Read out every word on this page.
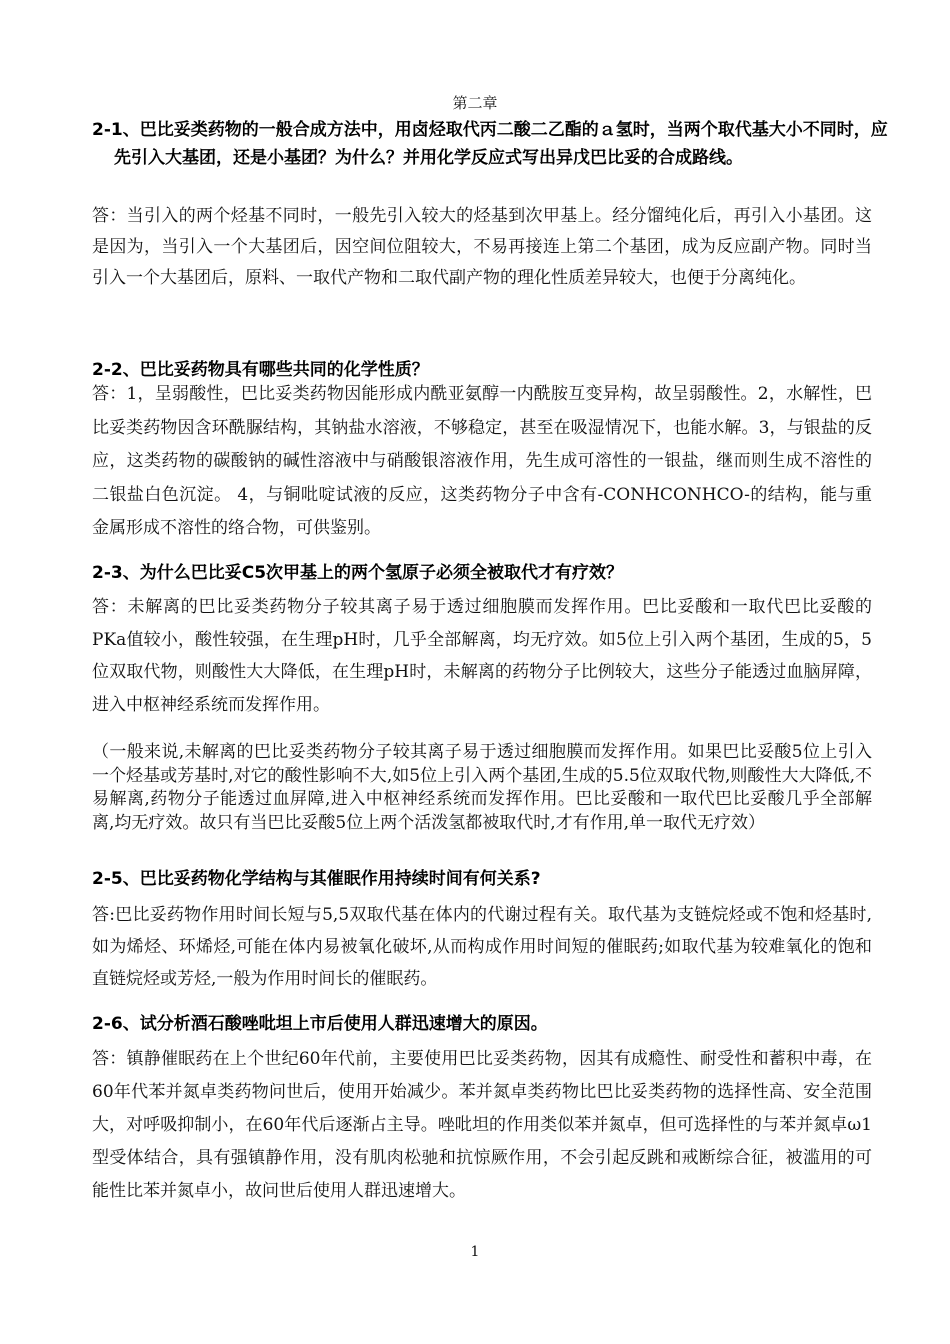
第二章
2-1、巴比妥类药物的一般合成方法中，用卤烃取代丙二酸二乙酯的ａ氢时，当两个取代基大小不同时，应先引入大基团，还是小基团？为什么？并用化学反应式写出异戊巴比妥的合成路线。
答：当引入的两个烃基不同时，一般先引入较大的烃基到次甲基上。经分馏纯化后，再引入小基团。这是因为，当引入一个大基团后，因空间位阻较大，不易再接连上第二个基团，成为反应副产物。同时当引入一个大基团后，原料、一取代产物和二取代副产物的理化性质差异较大，也便于分离纯化。
2-2、巴比妥药物具有哪些共同的化学性质？
答：1，呈弱酸性，巴比妥类药物因能形成内酰亚氨醇一内酰胺互变异构，故呈弱酸性。2，水解性，巴比妥类药物因含环酰脲结构，其钠盐水溶液，不够稳定，甚至在吸湿情况下，也能水解。3，与银盐的反应，这类药物的碳酸钠的碱性溶液中与硝酸银溶液作用，先生成可溶性的一银盐，继而则生成不溶性的二银盐白色沉淀。 4，与铜吡啶试液的反应，这类药物分子中含有-CONHCONHCO-的结构，能与重金属形成不溶性的络合物，可供鉴别。
2-3、为什么巴比妥C5次甲基上的两个氢原子必须全被取代才有疗效？
答：未解离的巴比妥类药物分子较其离子易于透过细胞膜而发挥作用。巴比妥酸和一取代巴比妥酸的PKa值较小，酸性较强，在生理pH时，几乎全部解离，均无疗效。如5位上引入两个基团，生成的5，5位双取代物，则酸性大大降低，在生理pH时，未解离的药物分子比例较大，这些分子能透过血脑屏障，进入中枢神经系统而发挥作用。
（一般来说,未解离的巴比妥类药物分子较其离子易于透过细胞膜而发挥作用。如果巴比妥酸5位上引入一个烃基或芳基时,对它的酸性影响不大,如5位上引入两个基团,生成的5.5位双取代物,则酸性大大降低,不易解离,药物分子能透过血屏障,进入中枢神经系统而发挥作用。巴比妥酸和一取代巴比妥酸几乎全部解离,均无疗效。故只有当巴比妥酸5位上两个活泼氢都被取代时,才有作用,单一取代无疗效）
2-5、巴比妥药物化学结构与其催眠作用持续时间有何关系?
答:巴比妥药物作用时间长短与5,5双取代基在体内的代谢过程有关。取代基为支链烷烃或不饱和烃基时,如为烯烃、环烯烃,可能在体内易被氧化破坏,从而构成作用时间短的催眠药;如取代基为较难氧化的饱和直链烷烃或芳烃,一般为作用时间长的催眠药。
2-6、试分析酒石酸唑吡坦上市后使用人群迅速增大的原因。
答：镇静催眠药在上个世纪60年代前，主要使用巴比妥类药物，因其有成瘾性、耐受性和蓄积中毒，在60年代苯并氮卓类药物问世后，使用开始减少。苯并氮卓类药物比巴比妥类药物的选择性高、安全范围大，对呼吸抑制小，在60年代后逐渐占主导。唑吡坦的作用类似苯并氮卓，但可选择性的与苯并氮卓ω1型受体结合，具有强镇静作用，没有肌肉松驰和抗惊厥作用，不会引起反跳和戒断综合征，被滥用的可能性比苯并氮卓小，故问世后使用人群迅速增大。
1
